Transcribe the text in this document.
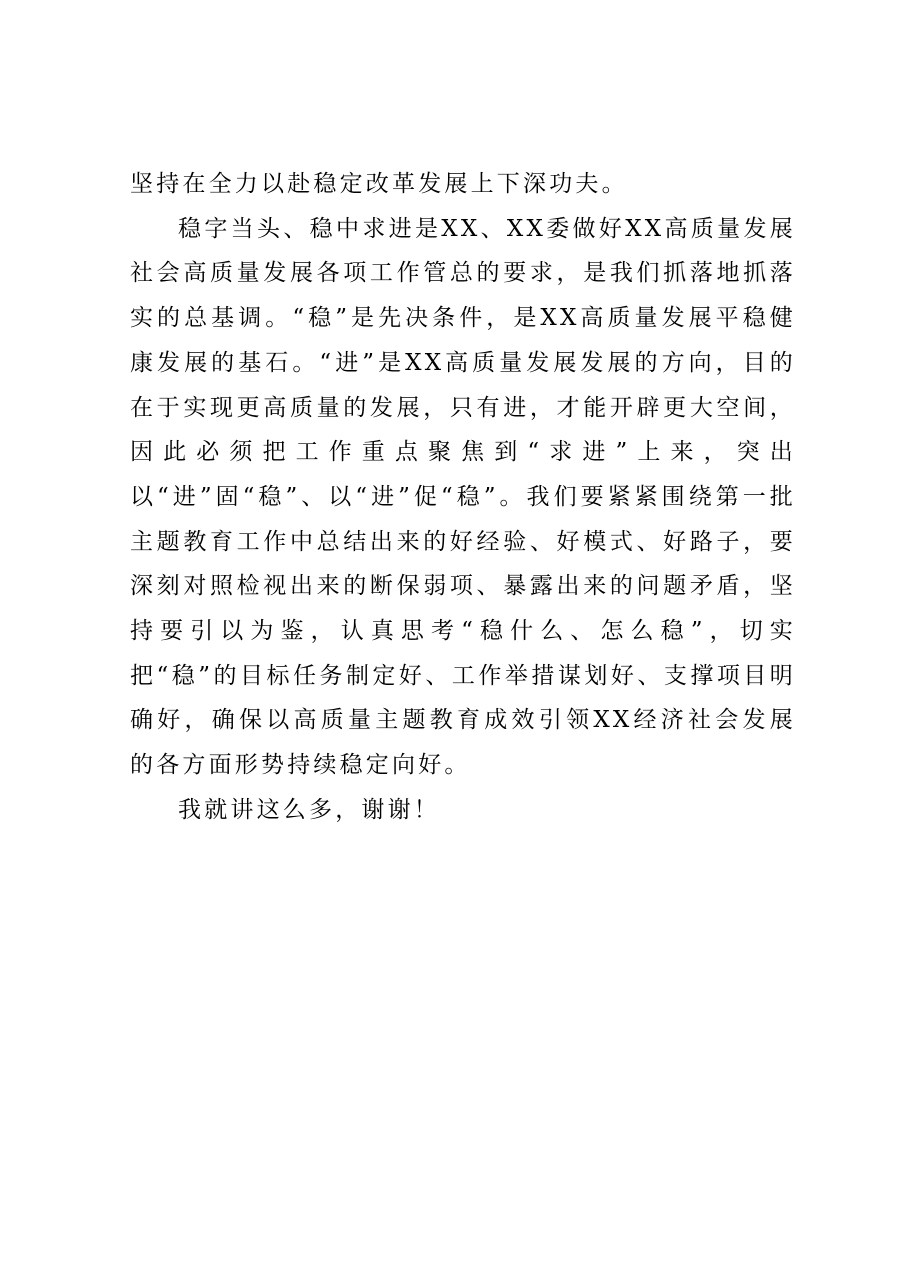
坚持在全力以赴稳定改革发展上下深功夫。

稳字当头、稳中求进是XX、XX委做好XX高质量发展社会高质量发展各项工作管总的要求，是我们抓落地抓落实的总基调。“稳”是先决条件，是XX高质量发展平稳健康发展的基石。“进”是XX高质量发展发展的方向，目的在于实现更高质量的发展，只有进，才能开辟更大空间，因此必须把工作重点聚焦到“求进”上来，突出以“进”固“稳”、以“进”促“稳”。我们要紧紧围绕第一批主题教育工作中总结出来的好经验、好模式、好路子，要深刻对照检视出来的断保弱项、暴露出来的问题矛盾，坚持要引以为鉴，认真思考“稳什么、怎么稳”，切实把“稳”的目标任务制定好、工作举措谋划好、支撑项目明确好，确保以高质量主题教育成效引领XX经济社会发展的各方面形势持续稳定向好。

我就讲这么多，谢谢！
